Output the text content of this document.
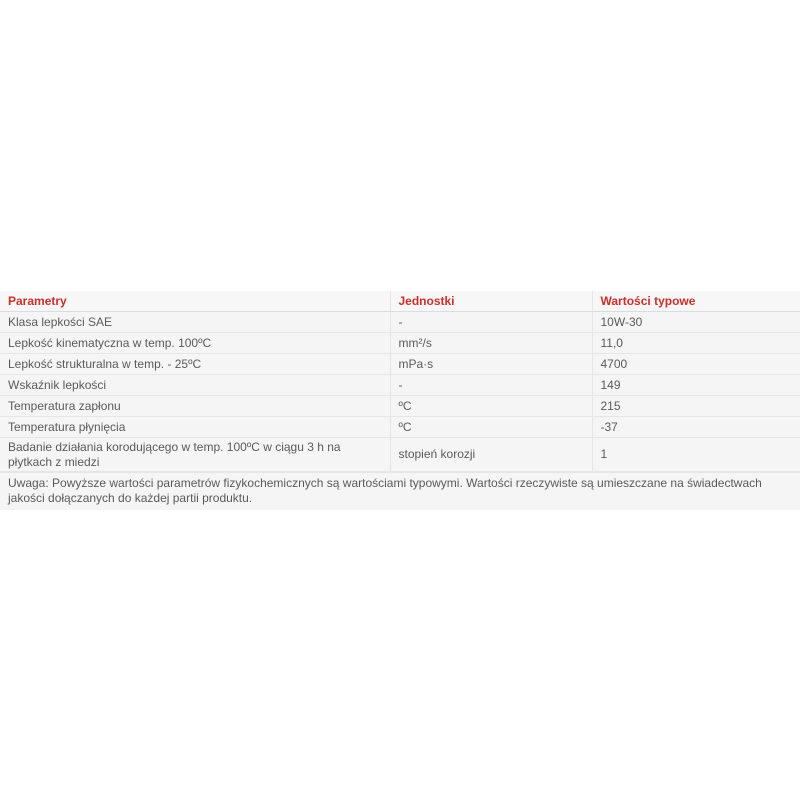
Parametry	Jednostki	Wartości typowe
Klasa lepkości SAE	-	10W-30
Lepkość kinematyczna w temp. 100ºC	mm²/s	11,0
Lepkość strukturalna w temp. - 25ºC	mPa·s	4700
Wskaźnik lepkości	-	149
Temperatura zapłonu	ºC	215
Temperatura płynięcia	ºC	-37
Badanie działania korodującego w temp. 100ºC w ciągu 3 h na płytkach z miedzi	stopień korozji	1
Uwaga: Powyższe wartości parametrów fizykochemicznych są wartościami typowymi. Wartości rzeczywiste są umieszczane na świadectwach jakości dołączanych do każdej partii produktu.
